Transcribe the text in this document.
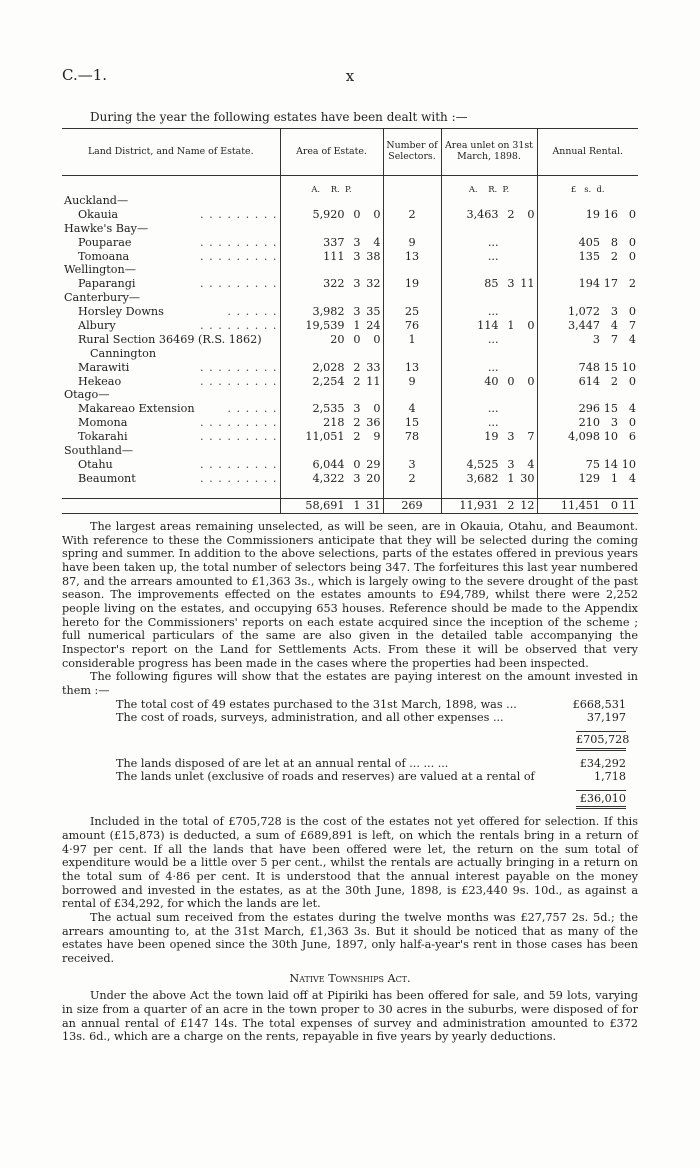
C.—1.	x
During the year the following estates have been dealt with :—
Land District, and Name of Estate.	Area of Estate.	Number of Selectors.	Area unlet on 31st March, 1898.	Annual Rental.
	A. R. P.		A. R. P.	£ s. d.
Auckland—				
Okauia . . . . . . . . .	5,920 0 0	2	3,463 2 0	19 16 0
Hawke's Bay—				
Pouparae . . . . . . . . .	337 3 4	9	...	405 8 0
Tomoana . . . . . . . . .	111 3 38	13	...	135 2 0
Wellington—				
Paparangi . . . . . . . . .	322 3 32	19	85 3 11	194 17 2
Canterbury—				
Horsley Downs . . . . . .	3,982 3 35	25	...	1,072 3 0
Albury . . . . . . . . .	19,539 1 24	76	114 1 0	3,447 4 7
Rural Section 36469 (R.S. 1862)	20 0 0	1	...	3 7 4
Cannington				
Marawiti . . . . . . . . .	2,028 2 33	13	...	748 15 10
Hekeao . . . . . . . . .	2,254 2 11	9	40 0 0	614 2 0
Otago—				
Makareao Extension . . . . . .	2,535 3 0	4	...	296 15 4
Momona . . . . . . . . .	218 2 36	15	...	210 3 0
Tokarahi . . . . . . . . .	11,051 2 9	78	19 3 7	4,098 10 6
Southland—				
Otahu . . . . . . . . .	6,044 0 29	3	4,525 3 4	75 14 10
Beaumont . . . . . . . . .	4,322 3 20	2	3,682 1 30	129 1 4

	58,691 1 31	269	11,931 2 12	11,451 0 11

The largest areas remaining unselected, as will be seen, are in Okauia, Otahu, and Beaumont. With reference to these the Commissioners anticipate that they will be selected during the coming spring and summer. In addition to the above selections, parts of the estates offered in previous years have been taken up, the total number of selectors being 347. The forfeitures this last year numbered 87, and the arrears amounted to £1,363 3s., which is largely owing to the severe drought of the past season. The improvements effected on the estates amounts to £94,789, whilst there were 2,252 people living on the estates, and occupying 653 houses. Reference should be made to the Appendix hereto for the Commissioners' reports on each estate acquired since the inception of the scheme ; full numerical particulars of the same are also given in the detailed table accompanying the Inspector's report on the Land for Settlements Acts. From these it will be observed that very considerable progress has been made in the cases where the properties had been inspected.

The following figures will show that the estates are paying interest on the amount invested in them :—

The total cost of 49 estates purchased to the 31st March, 1898, was ...	£668,531
The cost of roads, surveys, administration, and all other expenses ...	37,197
£705,728
The lands disposed of are let at an annual rental of ... ... ...	£34,292
The lands unlet (exclusive of roads and reserves) are valued at a rental of	1,718
£36,010

Included in the total of £705,728 is the cost of the estates not yet offered for selection. If this amount (£15,873) is deducted, a sum of £689,891 is left, on which the rentals bring in a return of 4·97 per cent. If all the lands that have been offered were let, the return on the sum total of expenditure would be a little over 5 per cent., whilst the rentals are actually bringing in a return on the total sum of 4·86 per cent. It is understood that the annual interest payable on the money borrowed and invested in the estates, as at the 30th June, 1898, is £23,440 9s. 10d., as against a rental of £34,292, for which the lands are let.

The actual sum received from the estates during the twelve months was £27,757 2s. 5d.; the arrears amounting to, at the 31st March, £1,363 3s. But it should be noticed that as many of the estates have been opened since the 30th June, 1897, only half-a-year's rent in those cases has been received.

Native Townships Act.

Under the above Act the town laid off at Pipiriki has been offered for sale, and 59 lots, varying in size from a quarter of an acre in the town proper to 30 acres in the suburbs, were disposed of for an annual rental of £147 14s. The total expenses of survey and administration amounted to £372 13s. 6d., which are a charge on the rents, repayable in five years by yearly deductions.
